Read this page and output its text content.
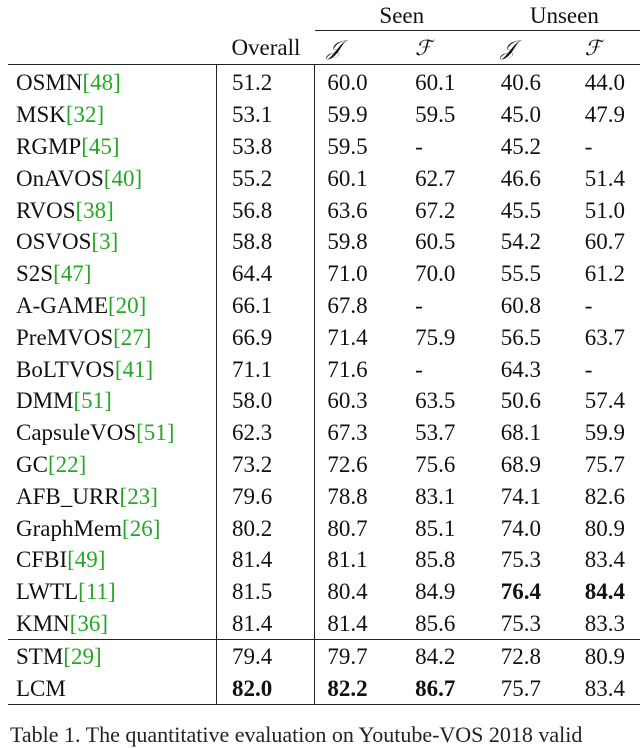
		Seen		Unseen	
	Overall	𝒥	ℱ	𝒥	ℱ
OSMN[48]	51.2	60.0	60.1	40.6	44.0
MSK[32]	53.1	59.9	59.5	45.0	47.9
RGMP[45]	53.8	59.5	-	45.2	-
OnAVOS[40]	55.2	60.1	62.7	46.6	51.4
RVOS[38]	56.8	63.6	67.2	45.5	51.0
OSVOS[3]	58.8	59.8	60.5	54.2	60.7
S2S[47]	64.4	71.0	70.0	55.5	61.2
A-GAME[20]	66.1	67.8	-	60.8	-
PreMVOS[27]	66.9	71.4	75.9	56.5	63.7
BoLTVOS[41]	71.1	71.6	-	64.3	-
DMM[51]	58.0	60.3	63.5	50.6	57.4
CapsuleVOS[51]	62.3	67.3	53.7	68.1	59.9
GC[22]	73.2	72.6	75.6	68.9	75.7
AFB_URR[23]	79.6	78.8	83.1	74.1	82.6
GraphMem[26]	80.2	80.7	85.1	74.0	80.9
CFBI[49]	81.4	81.1	85.8	75.3	83.4
LWTL[11]	81.5	80.4	84.9	76.4	84.4
KMN[36]	81.4	81.4	85.6	75.3	83.3
STM[29]	79.4	79.7	84.2	72.8	80.9
LCM	82.0	82.2	86.7	75.7	83.4
Table 1. The quantitative evaluation on Youtube-VOS 2018 valid
